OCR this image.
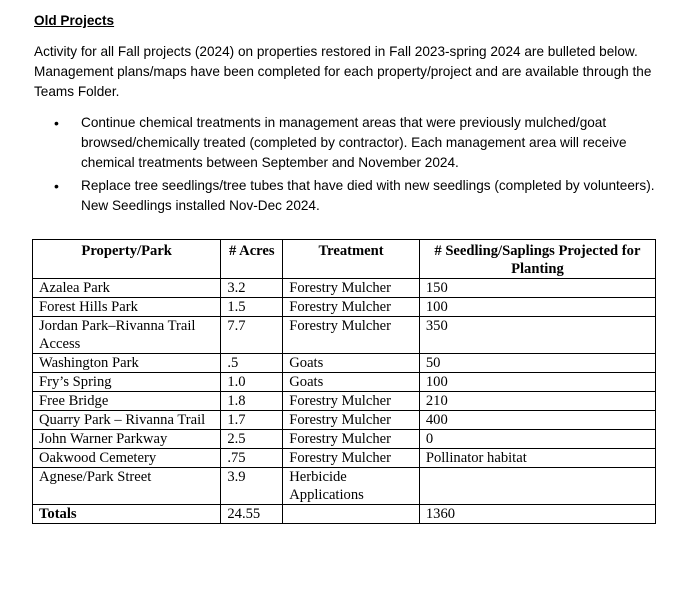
Old Projects
Activity for all Fall projects (2024) on properties restored in Fall 2023-spring 2024 are bulleted below. Management plans/maps have been completed for each property/project and are available through the Teams Folder.
• Continue chemical treatments in management areas that were previously mulched/goat browsed/chemically treated (completed by contractor). Each management area will receive chemical treatments between September and November 2024.
• Replace tree seedlings/tree tubes that have died with new seedlings (completed by volunteers). New Seedlings installed Nov-Dec 2024.
Property/Park	# Acres	Treatment	# Seedling/Saplings Projected for Planting
Azalea Park	3.2	Forestry Mulcher	150
Forest Hills Park	1.5	Forestry Mulcher	100
Jordan Park–Rivanna Trail Access	7.7	Forestry Mulcher	350
Washington Park	.5	Goats	50
Fry’s Spring	1.0	Goats	100
Free Bridge	1.8	Forestry Mulcher	210
Quarry Park – Rivanna Trail	1.7	Forestry Mulcher	400
John Warner Parkway	2.5	Forestry Mulcher	0
Oakwood Cemetery	.75	Forestry Mulcher	Pollinator habitat
Agnese/Park Street	3.9	Herbicide Applications	
Totals	24.55		1360
